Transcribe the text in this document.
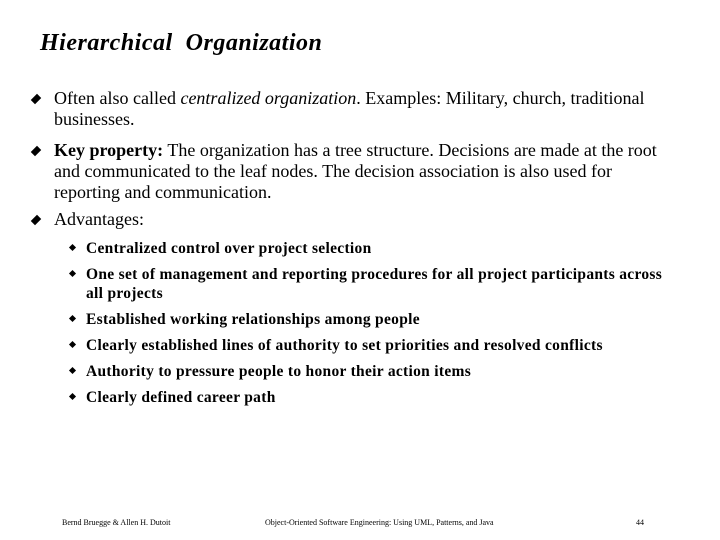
Hierarchical  Organization
Often also called centralized organization. Examples: Military, church, traditional businesses.
Key property: The organization has a tree structure. Decisions are made at the root and communicated to the leaf nodes. The decision association is also used for reporting and communication.
Advantages:
Centralized control over project selection
One set of management and reporting procedures for all project participants across all projects
Established working relationships among people
Clearly established lines of authority to set priorities and resolved conflicts
Authority to pressure people to honor their action items
Clearly defined career path
Bernd Bruegge & Allen H. Dutoit	Object-Oriented Software Engineering: Using UML, Patterns, and Java	44
